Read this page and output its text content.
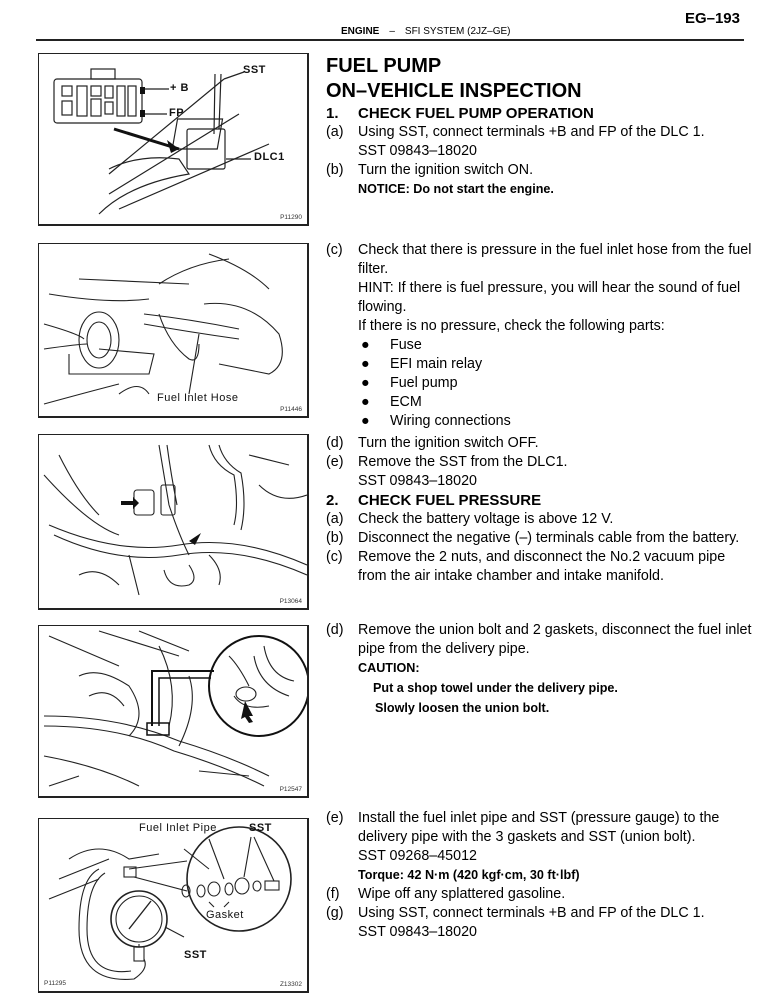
EG–193
ENGINE – SFI SYSTEM (2JZ–GE)
SST
+ B
FP
DLC1
P11290
Fuel Inlet Hose
P11446
P13064
P12547
Fuel Inlet Pipe	SST
Gasket
SST
P11295	Z13302
FUEL PUMP
ON–VEHICLE INSPECTION
1.	CHECK FUEL PUMP OPERATION
(a)	Using SST, connect terminals +B and FP of the DLC 1.
SST 09843–18020
(b)	Turn the ignition switch ON.
NOTICE: Do not start the engine.
(c)	Check that there is pressure in the fuel inlet hose from the fuel filter.
HINT: If there is fuel pressure, you will hear the sound of fuel flowing.
If there is no pressure, check the following parts:
●	Fuse
●	EFI main relay
●	Fuel pump
●	ECM
●	Wiring connections
(d)	Turn the ignition switch OFF.
(e)	Remove the SST from the DLC1.
SST 09843–18020
2.	CHECK FUEL PRESSURE
(a)	Check the battery voltage is above 12 V.
(b)	Disconnect the negative (–) terminals cable from the battery.
(c)	Remove the 2 nuts, and disconnect the No.2 vacuum pipe from the air intake chamber and intake manifold.
(d)	Remove the union bolt and 2 gaskets, disconnect the fuel inlet pipe from the delivery pipe.
CAUTION:
Put a shop towel under the delivery pipe.
Slowly loosen the union bolt.
(e)	Install the fuel inlet pipe and SST (pressure gauge) to the delivery pipe with the 3 gaskets and SST (union bolt).
SST 09268–45012
Torque: 42 N·m (420 kgf·cm, 30 ft·lbf)
(f)	Wipe off any splattered gasoline.
(g)	Using SST, connect terminals +B and FP of the DLC 1.
SST 09843–18020
